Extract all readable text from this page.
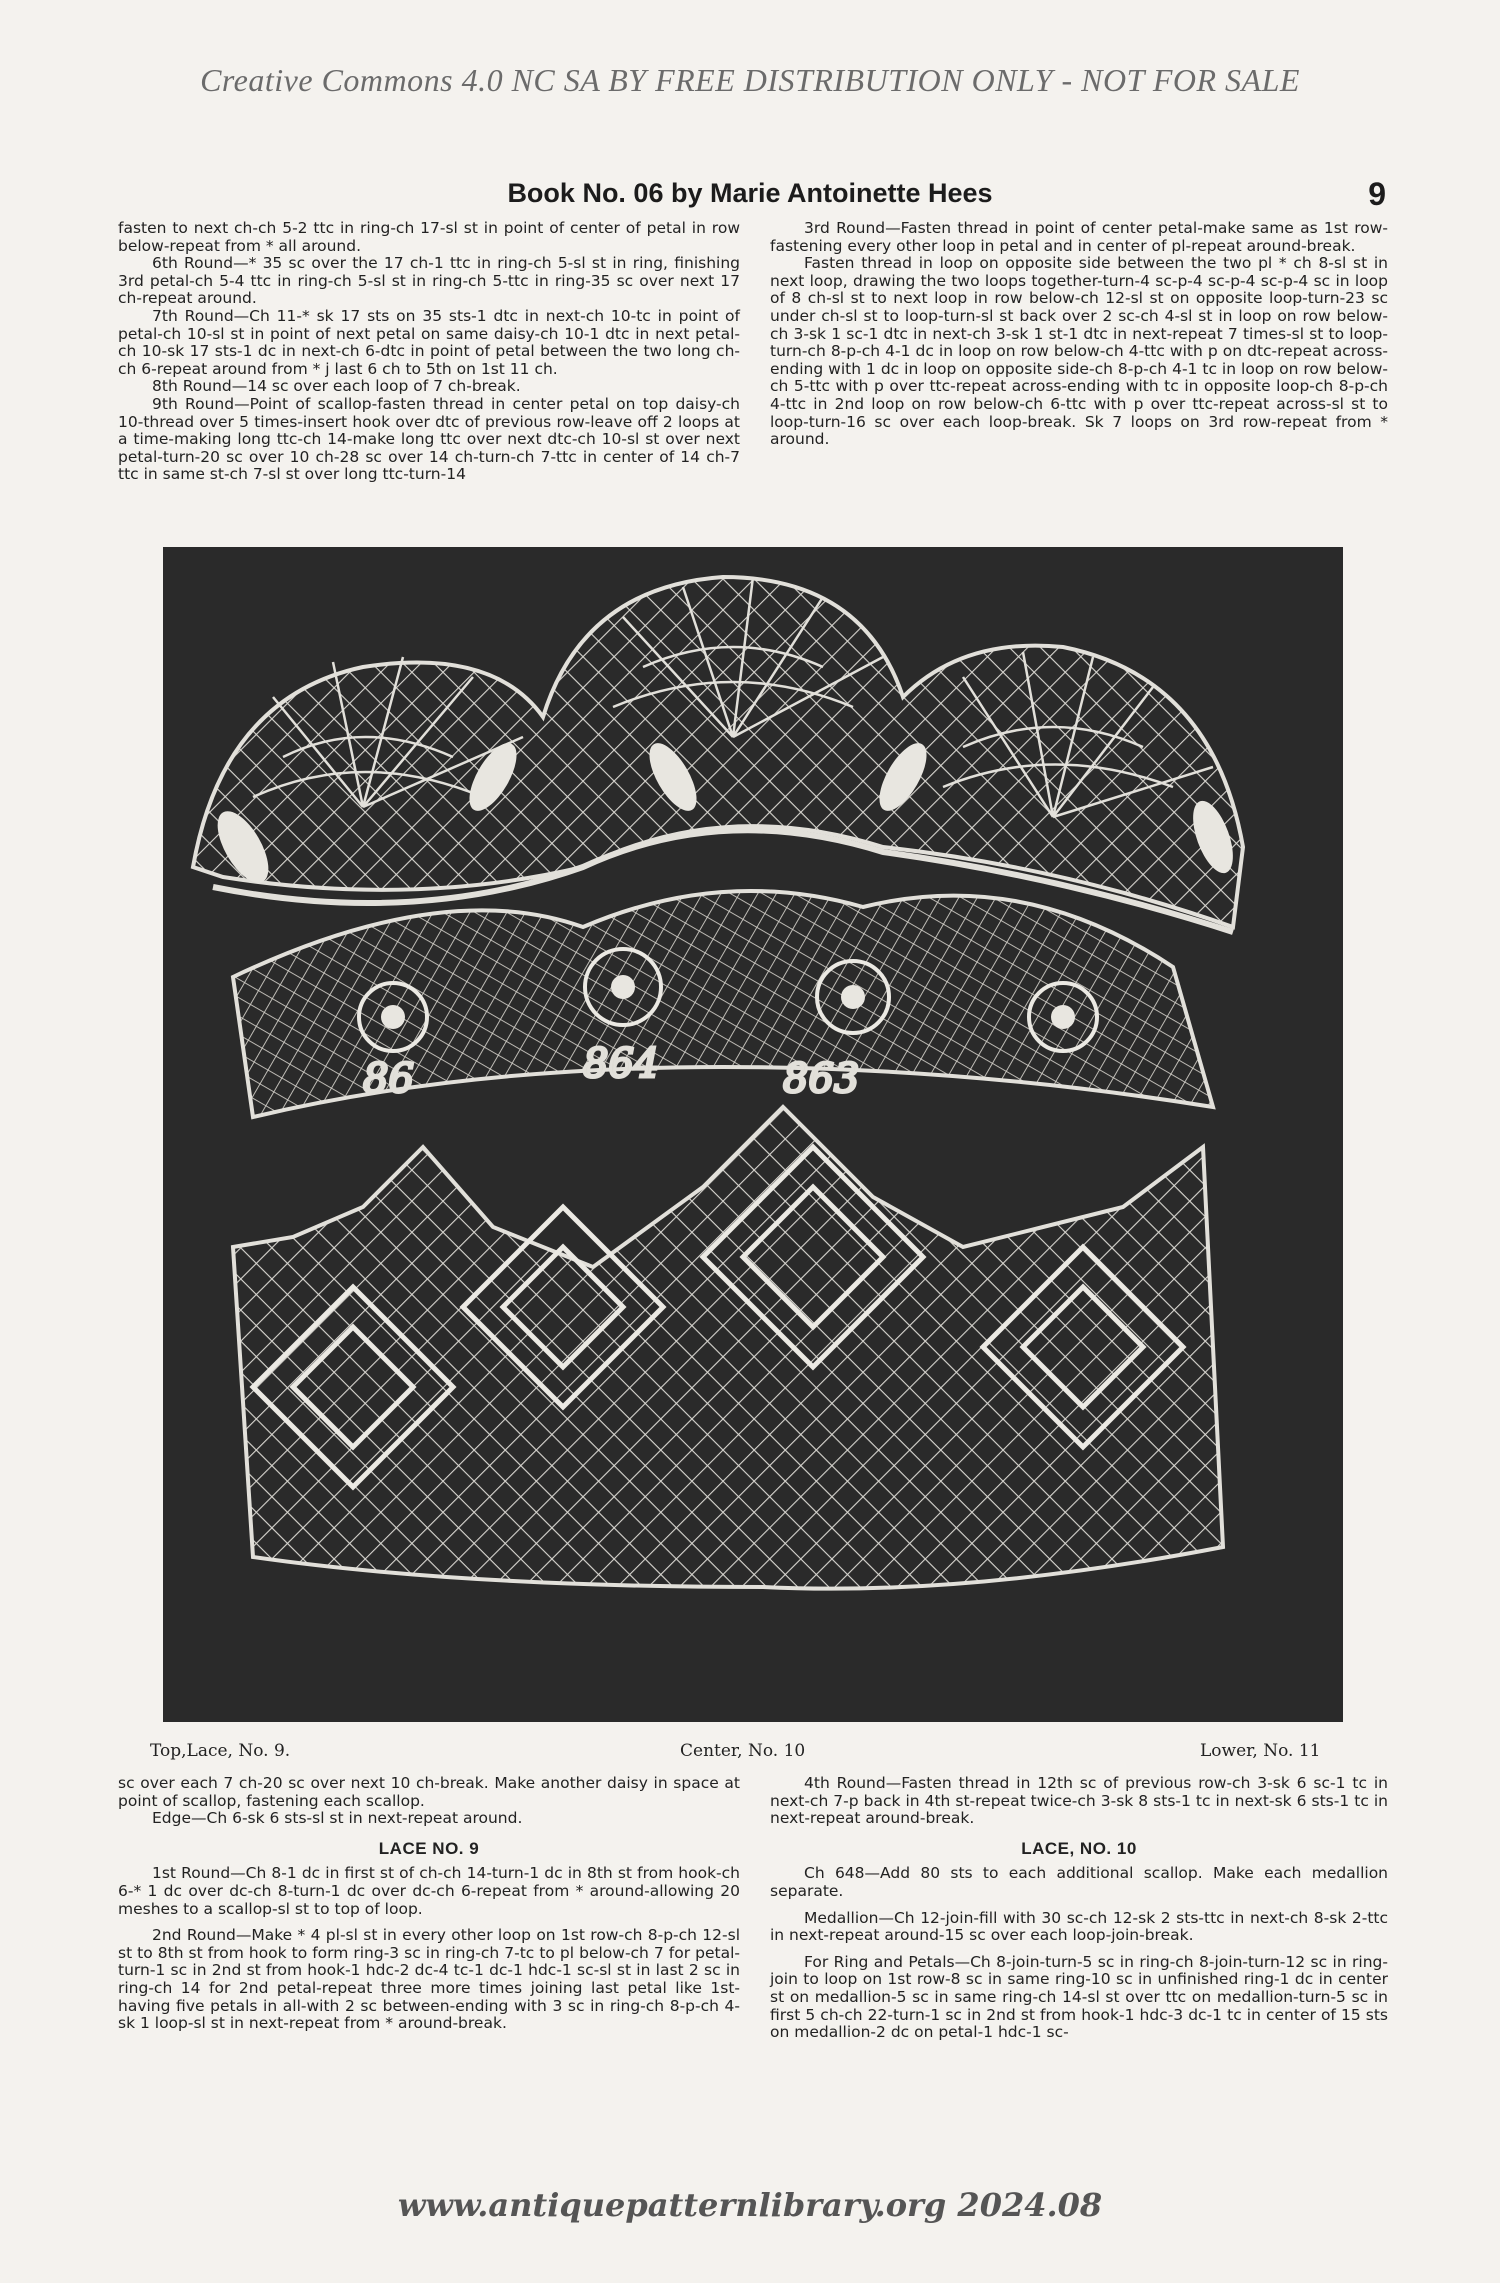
Creative Commons 4.0 NC SA BY FREE DISTRIBUTION ONLY - NOT FOR SALE
Book No. 06 by Marie Antoinette Hees	9

fasten to next ch-ch 5-2 ttc in ring-ch 17-sl st in point of center of petal in row below-repeat from * all around.

6th Round—* 35 sc over the 17 ch-1 ttc in ring-ch 5-sl st in ring, finishing 3rd petal-ch 5-4 ttc in ring-ch 5-sl st in ring-ch 5-ttc in ring-35 sc over next 17 ch-repeat around.

7th Round—Ch 11-* sk 17 sts on 35 sts-1 dtc in next-ch 10-tc in point of petal-ch 10-sl st in point of next petal on same daisy-ch 10-1 dtc in next petal-ch 10-sk 17 sts-1 dc in next-ch 6-dtc in point of petal between the two long ch-ch 6-repeat around from * j last 6 ch to 5th on 1st 11 ch.

8th Round—14 sc over each loop of 7 ch-break.

9th Round—Point of scallop-fasten thread in center petal on top daisy-ch 10-thread over 5 times-insert hook over dtc of previous row-leave off 2 loops at a time-making long ttc-ch 14-make long ttc over next dtc-ch 10-sl st over next petal-turn-20 sc over 10 ch-28 sc over 14 ch-turn-ch 7-ttc in center of 14 ch-7 ttc in same st-ch 7-sl st over long ttc-turn-14

3rd Round—Fasten thread in point of center petal-make same as 1st row-fastening every other loop in petal and in center of pl-repeat around-break.

Fasten thread in loop on opposite side between the two pl * ch 8-sl st in next loop, drawing the two loops together-turn-4 sc-p-4 sc-p-4 sc-p-4 sc in loop of 8 ch-sl st to next loop in row below-ch 12-sl st on opposite loop-turn-23 sc under ch-sl st to loop-turn-sl st back over 2 sc-ch 4-sl st in loop on row below-ch 3-sk 1 sc-1 dtc in next-ch 3-sk 1 st-1 dtc in next-repeat 7 times-sl st to loop-turn-ch 8-p-ch 4-1 dc in loop on row below-ch 4-ttc with p on dtc-repeat across-ending with 1 dc in loop on opposite side-ch 8-p-ch 4-1 tc in loop on row below-ch 5-ttc with p over ttc-repeat across-ending with tc in opposite loop-ch 8-p-ch 4-ttc in 2nd loop on row below-ch 6-ttc with p over ttc-repeat across-sl st to loop-turn-16 sc over each loop-break. Sk 7 loops on 3rd row-repeat from * around.

86	864	863
Top,Lace, No. 9.	Center, No. 10	Lower, No. 11

sc over each 7 ch-20 sc over next 10 ch-break. Make another daisy in space at point of scallop, fastening each scallop.

Edge—Ch 6-sk 6 sts-sl st in next-repeat around.

LACE NO. 9

1st Round—Ch 8-1 dc in first st of ch-ch 14-turn-1 dc in 8th st from hook-ch 6-* 1 dc over dc-ch 8-turn-1 dc over dc-ch 6-repeat from * around-allowing 20 meshes to a scallop-sl st to top of loop.

2nd Round—Make * 4 pl-sl st in every other loop on 1st row-ch 8-p-ch 12-sl st to 8th st from hook to form ring-3 sc in ring-ch 7-tc to pl below-ch 7 for petal-turn-1 sc in 2nd st from hook-1 hdc-2 dc-4 tc-1 dc-1 hdc-1 sc-sl st in last 2 sc in ring-ch 14 for 2nd petal-repeat three more times joining last petal like 1st-having five petals in all-with 2 sc between-ending with 3 sc in ring-ch 8-p-ch 4-sk 1 loop-sl st in next-repeat from * around-break.

4th Round—Fasten thread in 12th sc of previous row-ch 3-sk 6 sc-1 tc in next-ch 7-p back in 4th st-repeat twice-ch 3-sk 8 sts-1 tc in next-sk 6 sts-1 tc in next-repeat around-break.

LACE, NO. 10

Ch 648—Add 80 sts to each additional scallop. Make each medallion separate.

Medallion—Ch 12-join-fill with 30 sc-ch 12-sk 2 sts-ttc in next-ch 8-sk 2-ttc in next-repeat around-15 sc over each loop-join-break.

For Ring and Petals—Ch 8-join-turn-5 sc in ring-ch 8-join-turn-12 sc in ring-join to loop on 1st row-8 sc in same ring-10 sc in unfinished ring-1 dc in center st on medallion-5 sc in same ring-ch 14-sl st over ttc on medallion-turn-5 sc in first 5 ch-ch 22-turn-1 sc in 2nd st from hook-1 hdc-3 dc-1 tc in center of 15 sts on medallion-2 dc on petal-1 hdc-1 sc-

www.antiquepatternlibrary.org 2024.08
